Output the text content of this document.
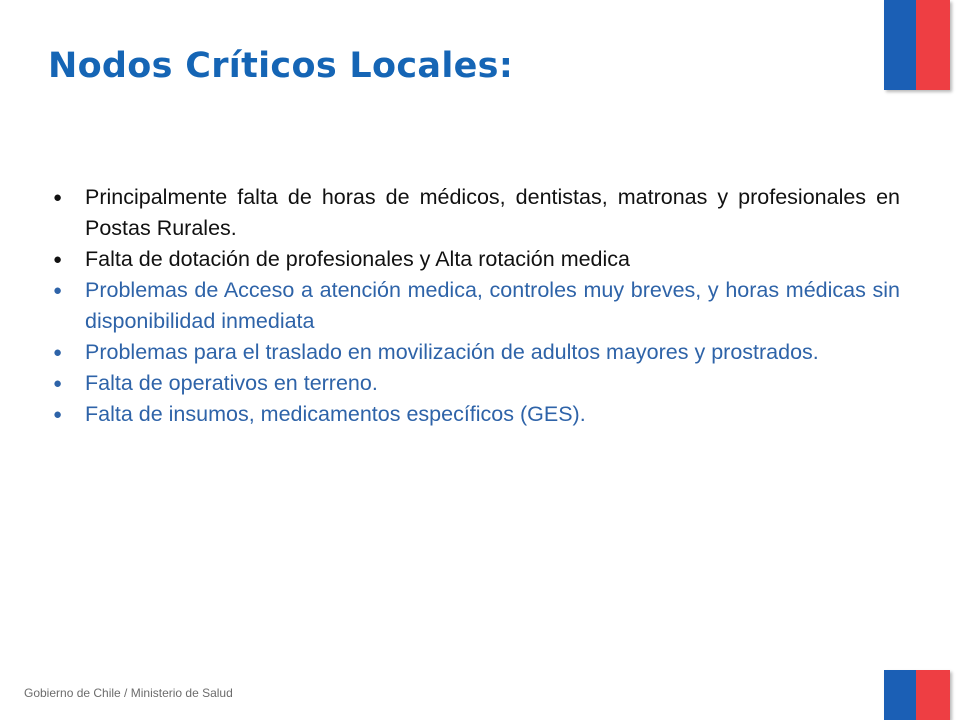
Nodos Críticos Locales:
● Principalmente falta de horas de médicos, dentistas, matronas y profesionales en Postas Rurales.
● Falta de dotación de profesionales y Alta rotación medica
● Problemas de Acceso a atención medica, controles muy breves, y horas médicas sin disponibilidad inmediata
● Problemas para el traslado en movilización de adultos mayores y prostrados.
● Falta de operativos en terreno.
● Falta de insumos, medicamentos específicos (GES).
Gobierno de Chile / Ministerio de Salud
